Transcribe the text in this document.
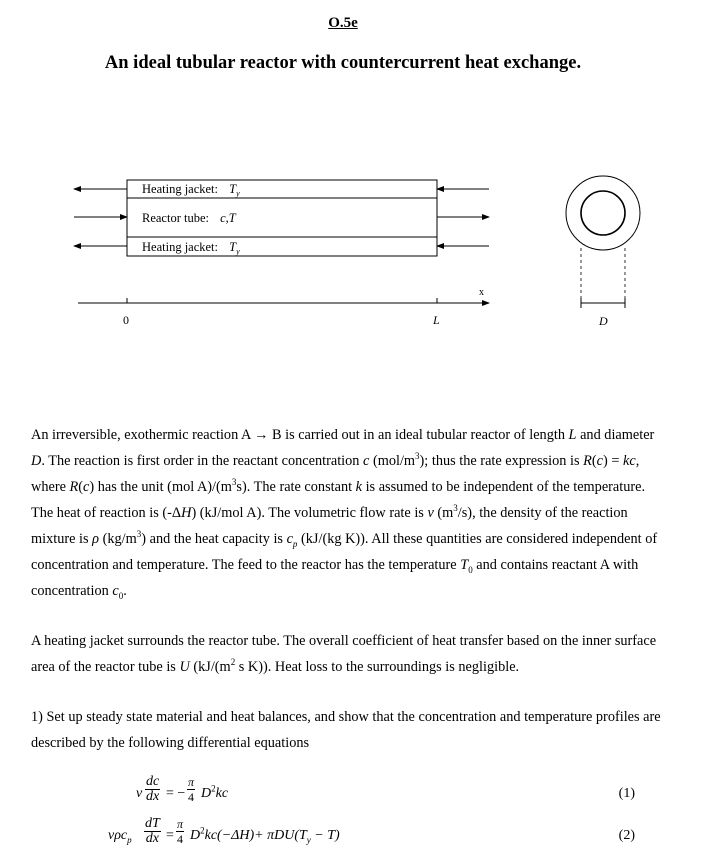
O.5e
An ideal tubular reactor with countercurrent heat exchange.
Heating jacket: $T_y$
Reactor tube: c,T
Heating jacket: $T_y$
0	L
x
D

An irreversible, exothermic reaction A → B is carried out in an ideal tubular reactor of length L and diameter D. The reaction is first order in the reactant concentration c $(mol/m^3)$; thus the rate expression is R(c) = kc, where R(c) has the unit (mol $A)/(m^3s)$. The rate constant k is assumed to be independent of the temperature. The heat of reaction is (-ΔH) (kJ/mol A). The volumetric flow rate is v $(m^3/s)$, the density of the reaction mixture is ρ $(kg/m^3)$ and the heat capacity is $c_p$ (kJ/(kg K)). All these quantities are considered independent of concentration and temperature. The feed to the reactor has the temperature $T_0$ and contains reactant A with concentration $c_0$.

A heating jacket surrounds the reactor tube. The overall coefficient of heat transfer based on the inner surface area of the reactor tube is U ($kJ/(m^2$ s K)). Heat loss to the surroundings is negligible.

1) Set up steady state material and heat balances, and show that the concentration and temperature profiles are described by the following differential equations

v $\frac{dc}{dx}$ = − $\frac{\pi}{4} D^2kc$	(1)
$v\rho c_p \frac{dT}{dx} = \frac{\pi}{4} D^2kc(-\Delta H)+ \pi DU(T_y - T)$	(2)
